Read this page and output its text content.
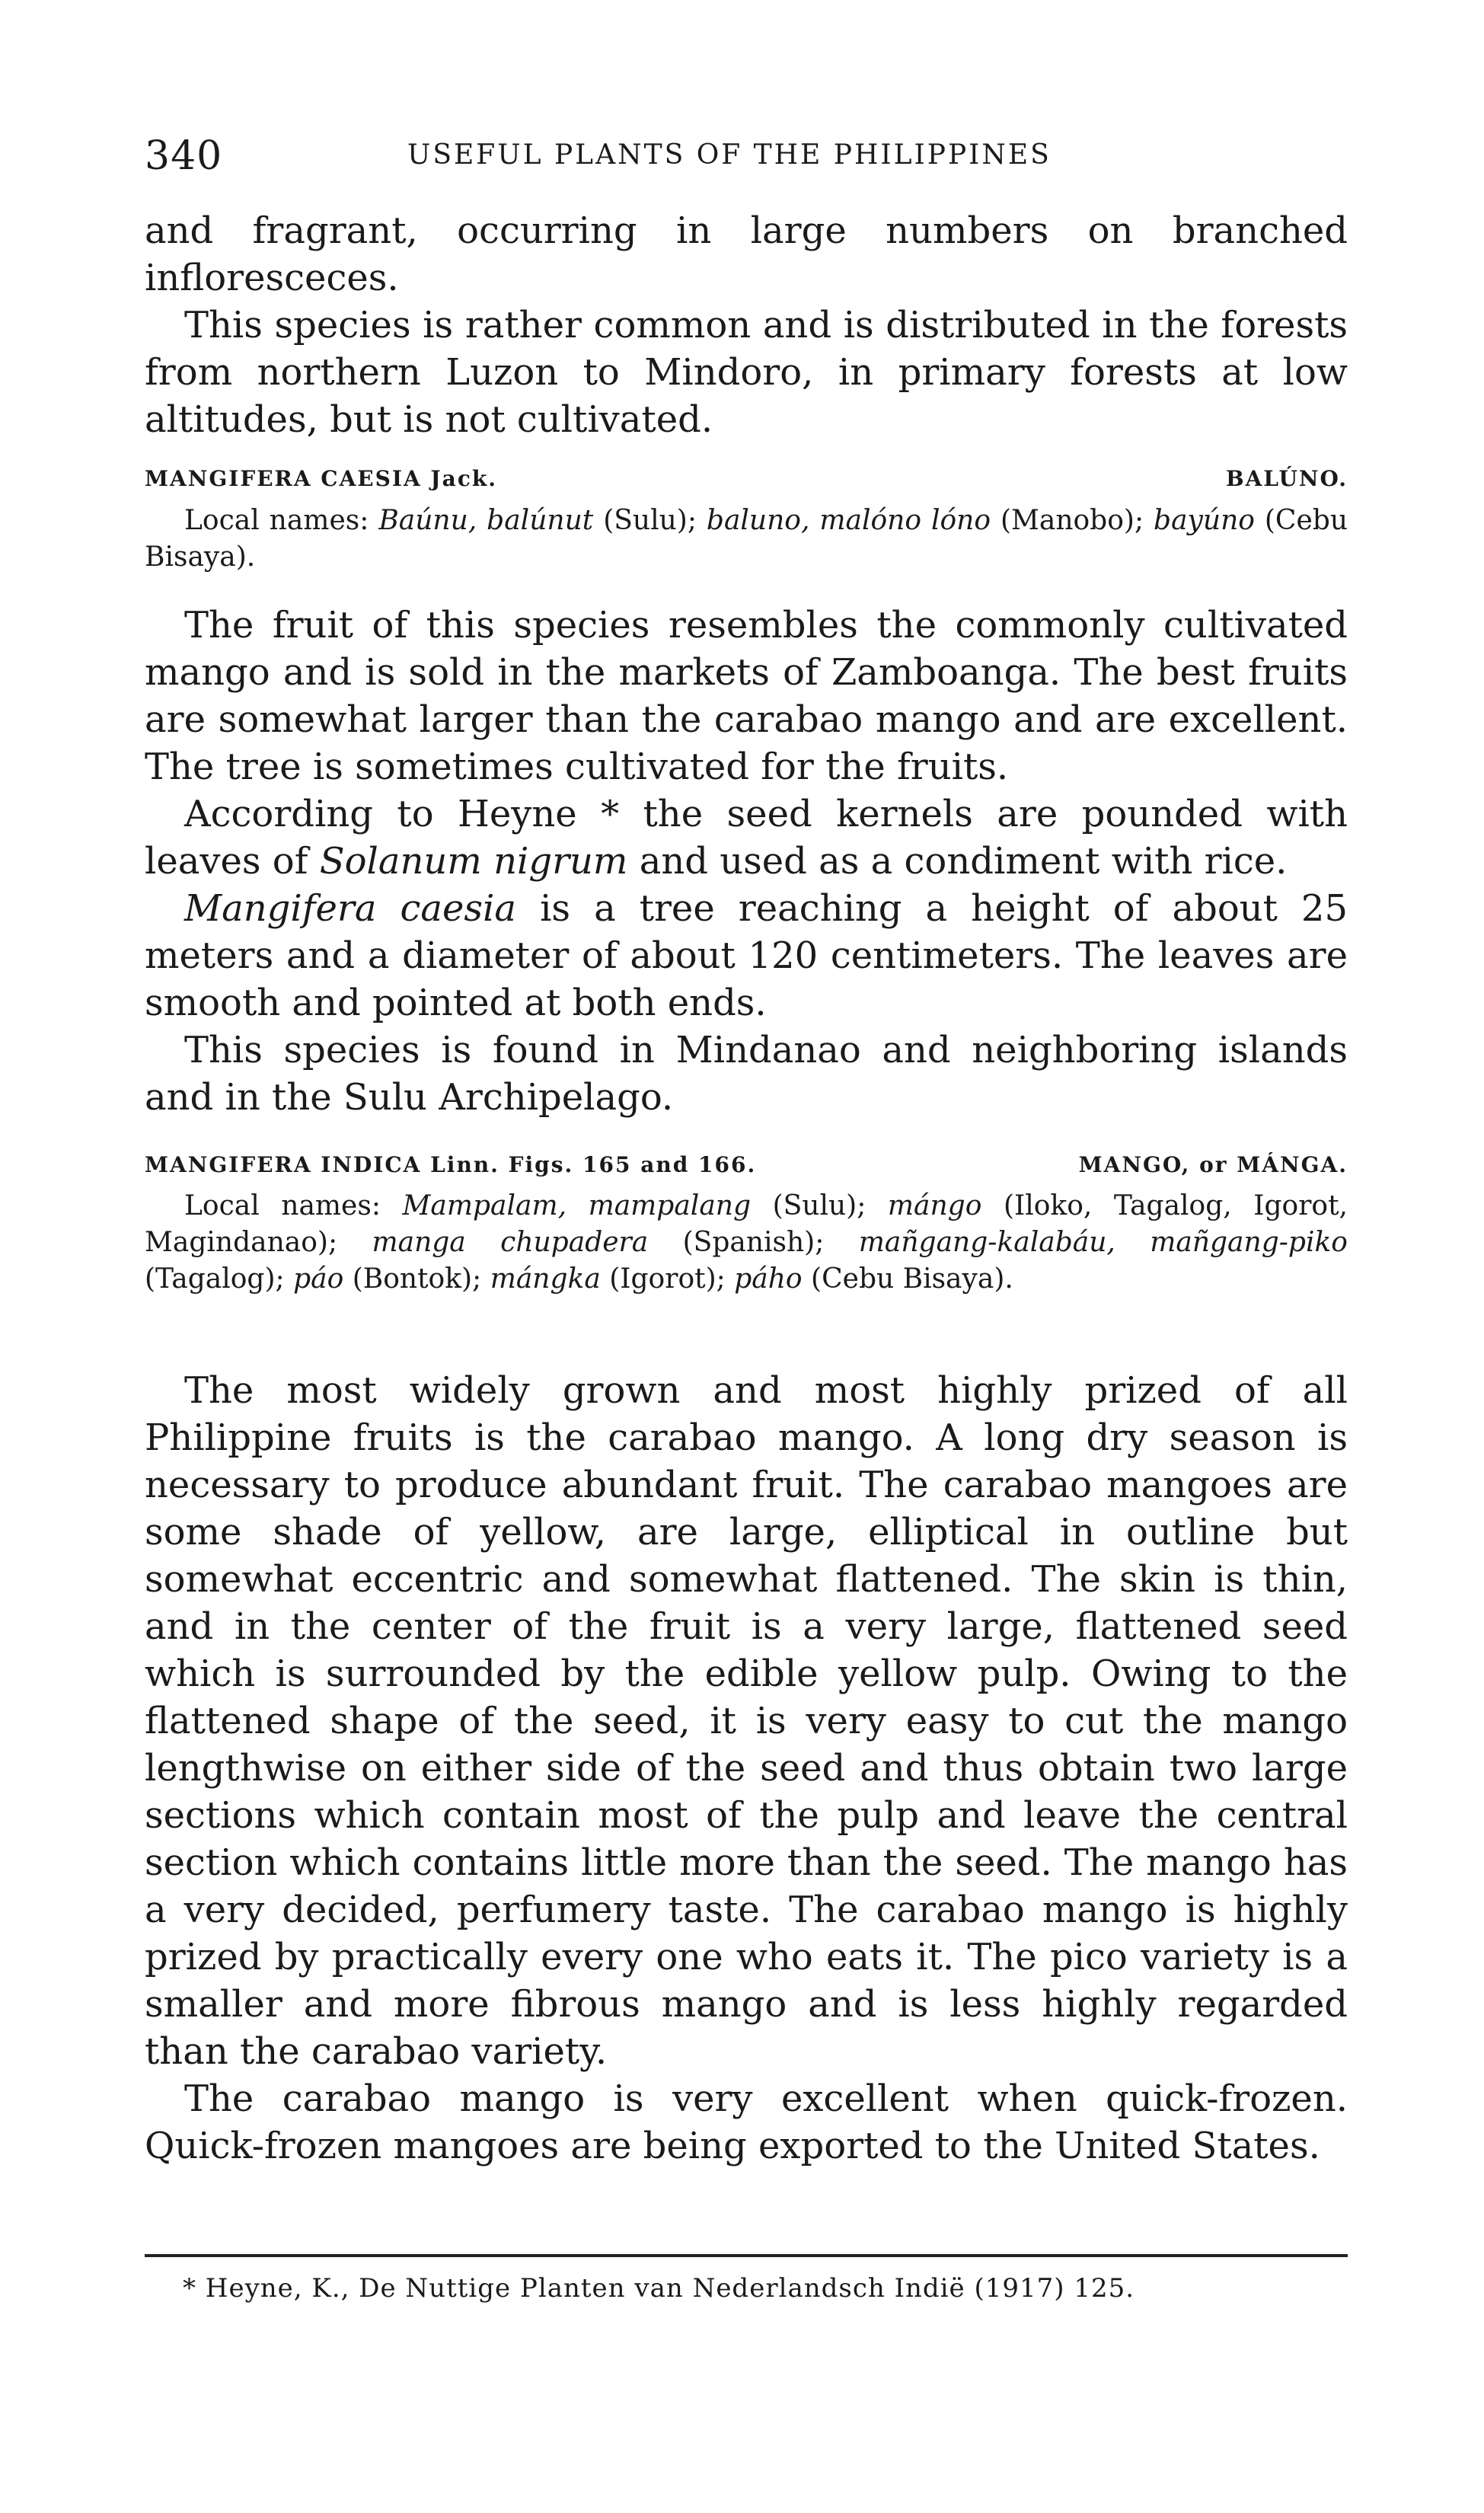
340	USEFUL PLANTS OF THE PHILIPPINES

and fragrant, occurring in large numbers on branched infloresceces.

This species is rather common and is distributed in the forests from northern Luzon to Mindoro, in primary forests at low altitudes, but is not cultivated.

MANGIFERA CAESIA Jack.	BALÚNO.
Local names: Baúnu, balúnut (Sulu); baluno, malóno lóno (Manobo); bayúno (Cebu Bisaya).

The fruit of this species resembles the commonly cultivated mango and is sold in the markets of Zamboanga. The best fruits are somewhat larger than the carabao mango and are excellent. The tree is sometimes cultivated for the fruits.

According to Heyne * the seed kernels are pounded with leaves of Solanum nigrum and used as a condiment with rice.

Mangifera caesia is a tree reaching a height of about 25 meters and a diameter of about 120 centimeters. The leaves are smooth and pointed at both ends.

This species is found in Mindanao and neighboring islands and in the Sulu Archipelago.

MANGIFERA INDICA Linn. Figs. 165 and 166.	MANGO, or MÁNGA.
Local names: Mampalam, mampalang (Sulu); mángo (Iloko, Tagalog, Igorot, Magindanao); manga chupadera (Spanish); mañgang-kalabáu, mañgang-piko (Tagalog); páo (Bontok); mángka (Igorot); páho (Cebu Bisaya).

The most widely grown and most highly prized of all Philippine fruits is the carabao mango. A long dry season is necessary to produce abundant fruit. The carabao mangoes are some shade of yellow, are large, elliptical in outline but somewhat eccentric and somewhat flattened. The skin is thin, and in the center of the fruit is a very large, flattened seed which is surrounded by the edible yellow pulp. Owing to the flattened shape of the seed, it is very easy to cut the mango lengthwise on either side of the seed and thus obtain two large sections which contain most of the pulp and leave the central section which contains little more than the seed. The mango has a very decided, perfumery taste. The carabao mango is highly prized by practically every one who eats it. The pico variety is a smaller and more fibrous mango and is less highly regarded than the carabao variety.

The carabao mango is very excellent when quick-frozen. Quick-frozen mangoes are being exported to the United States.

* Heyne, K., De Nuttige Planten van Nederlandsch Indië (1917) 125.
